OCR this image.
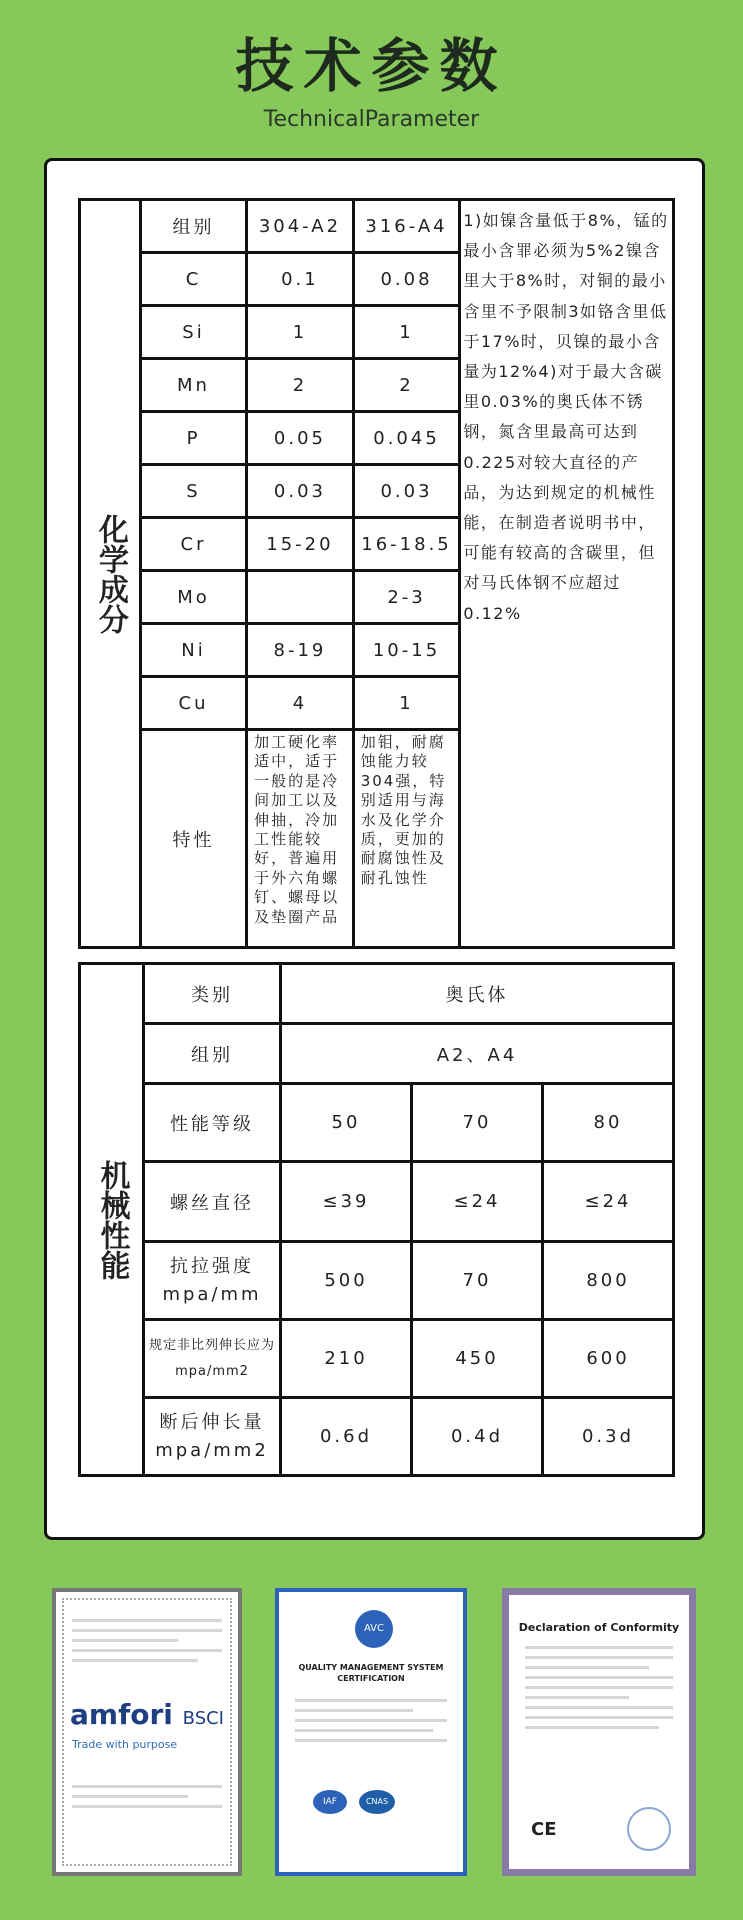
技术参数
TechnicalParameter
化学成分	组别	304-A2	316-A4	1)如镍含量低于8%，锰的最小含罪必须为5%2镍含里大于8%时，对铜的最小含里不予限制3如铬含里低于17%时，贝镍的最小含量为12%4)对于最大含碳里0.03%的奥氏体不锈钢，氮含里最高可达到0.225对较大直径的产品，为达到规定的机械性能，在制造者说明书中，可能有较高的含碳里，但对马氏体钢不应超过0.12%
	C	0.1	0.08	
	Si	1	1	
	Mn	2	2	
	P	0.05	0.045	
	S	0.03	0.03	
	Cr	15-20	16-18.5	
	Mo		2-3	
	Ni	8-19	10-15	
	Cu	4	1	
	特性	加工硬化率适中，适于一般的是冷间加工以及伸抽，冷加工性能较好，普遍用于外六角螺钉、螺母以及垫圈产品	加钼，耐腐蚀能力较304强，特别适用与海水及化学介质，更加的耐腐蚀性及耐孔蚀性	
机械性能	类别	奥氏体		
	组别	A2、A4		
	性能等级	50	70	80
	螺丝直径	≤39	≤24	≤24
	抗拉强度mpa/mm	500	70	800
	规定非比列伸长应为mpa/mm2	210	450	600
	断后伸长量mpa/mm2	0.6d	0.4d	0.3d
amfori BSCI
Trade with purpose
AVC
QUALITY MANAGEMENT SYSTEM CERTIFICATION
IAF	CNAS
Declaration of Conformity
CE
